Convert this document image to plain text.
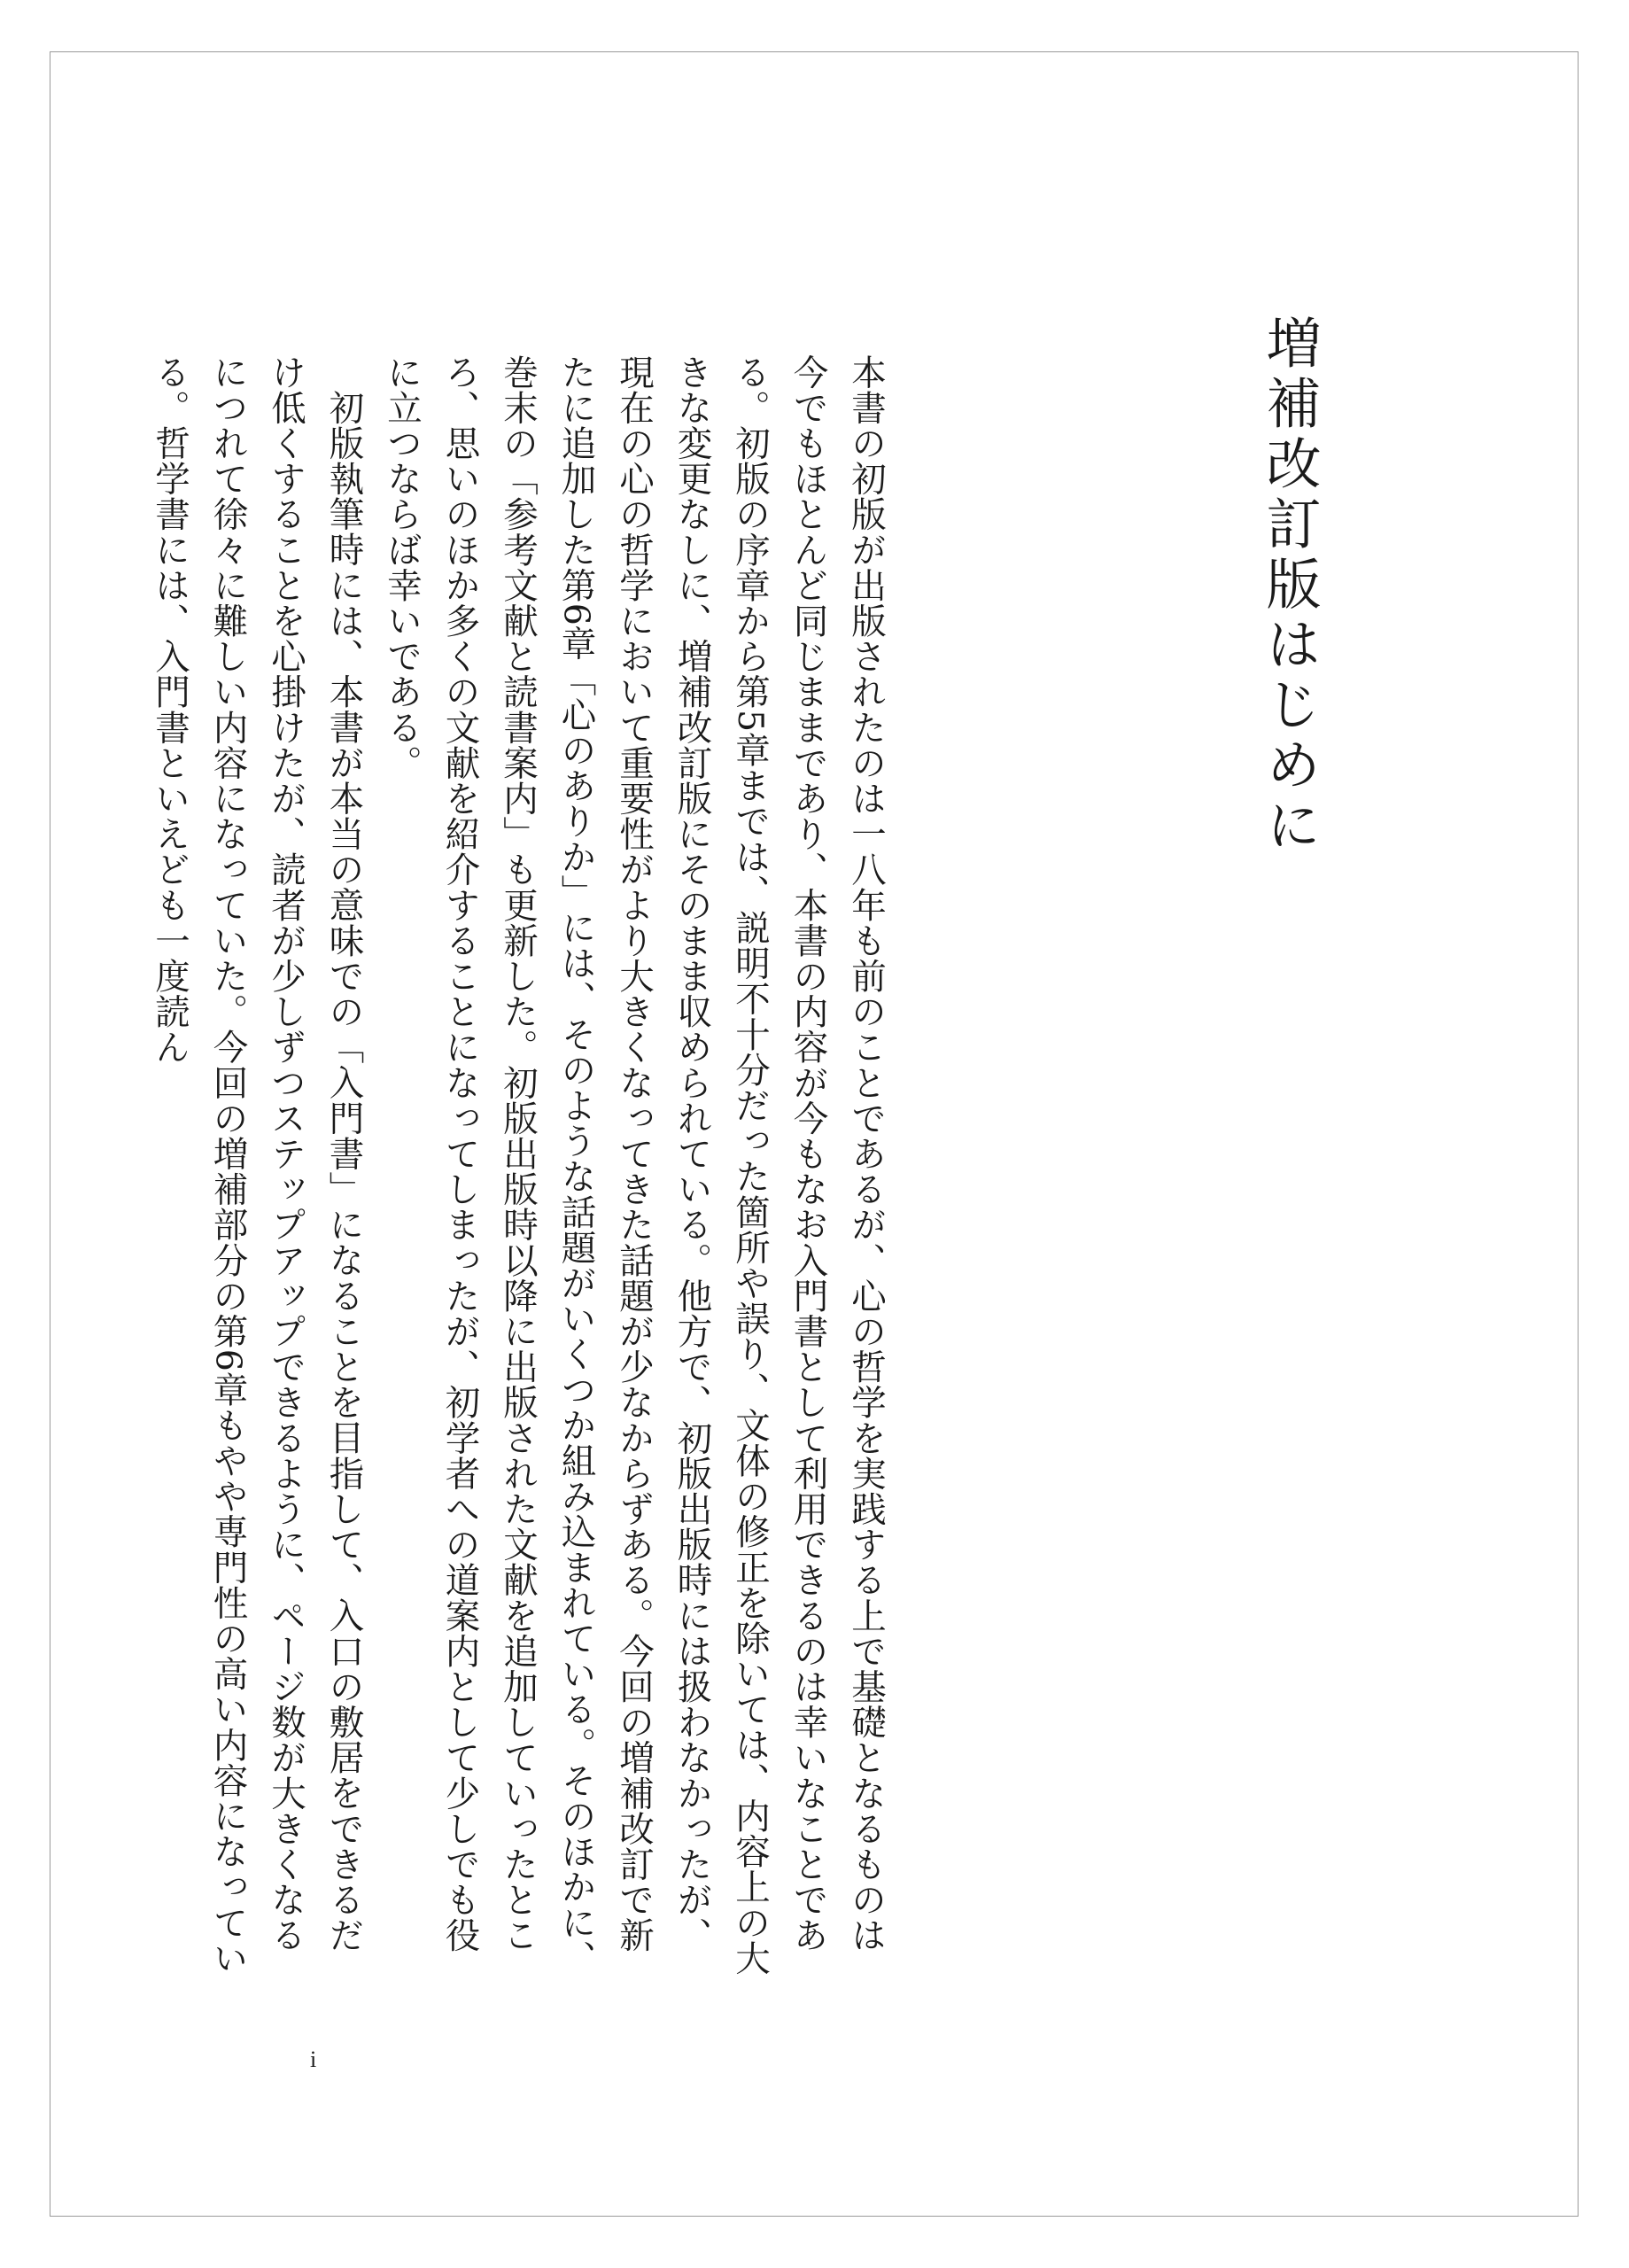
増補改訂版はじめに

本書の初版が出版されたのは一八年も前のことであるが、心の哲学を実践する上で基礎となるものは今でもほとんど同じままであり、本書の内容が今もなお入門書として利用できるのは幸いなことである。初版の序章から第5章までは、説明不十分だった箇所や誤り、文体の修正を除いては、内容上の大きな変更なしに、増補改訂版にそのまま収められている。他方で、初版出版時には扱わなかったが、現在の心の哲学において重要性がより大きくなってきた話題が少なからずある。今回の増補改訂で新たに追加した第6章「心のありか」には、そのような話題がいくつか組み込まれている。そのほかに、巻末の「参考文献と読書案内」も更新した。初版出版時以降に出版された文献を追加していったところ、思いのほか多くの文献を紹介することになってしまったが、初学者への道案内として少しでも役に立つならば幸いである。

初版執筆時には、本書が本当の意味での「入門書」になることを目指して、入口の敷居をできるだけ低くすることを心掛けたが、読者が少しずつステップアップできるように、ページ数が大きくなるにつれて徐々に難しい内容になっていた。今回の増補部分の第6章もやや専門性の高い内容になっている。哲学書には、入門書といえども一度読ん

i
